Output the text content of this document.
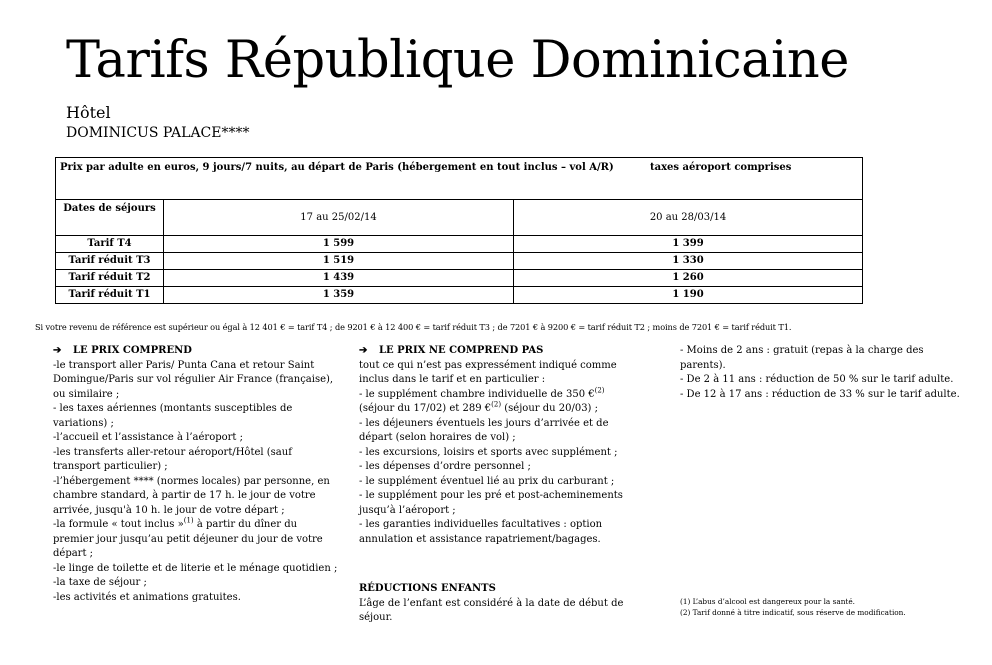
Tarifs République Dominicaine
Hôtel
DOMINICUS PALACE****
Prix par adulte en euros, 9 jours/7 nuits, au départ de Paris (hébergement en tout inclus – vol A/R) taxes aéroport comprises		
Dates de séjours	17 au 25/02/14	20 au 28/03/14
Tarif T4	1 599	1 399
Tarif réduit T3	1 519	1 330
Tarif réduit T2	1 439	1 260
Tarif réduit T1	1 359	1 190
Si votre revenu de référence est supérieur ou égal à 12 401 € = tarif T4 ; de 9201 € à 12 400 € = tarif réduit T3 ; de 7201 € à 9200 € = tarif réduit T2 ; moins de 7201 € = tarif réduit T1.
➔ LE PRIX COMPREND
-le transport aller Paris/ Punta Cana et retour Saint
Domingue/Paris sur vol régulier Air France (française),
ou similaire ;
- les taxes aériennes (montants susceptibles de
variations) ;
-l’accueil et l’assistance à l’aéroport ;
-les transferts aller-retour aéroport/Hôtel (sauf
transport particulier) ;
-l’hébergement **** (normes locales) par personne, en
chambre standard, à partir de 17 h. le jour de votre
arrivée, jusqu'à 10 h. le jour de votre départ ;
-la formule « tout inclus »$^{(1)}$ à partir du dîner du
premier jour jusqu’au petit déjeuner du jour de votre
départ ;
-le linge de toilette et de literie et le ménage quotidien ;
-la taxe de séjour ;
-les activités et animations gratuites.
➔ LE PRIX NE COMPREND PAS
tout ce qui n’est pas expressément indiqué comme
inclus dans le tarif et en particulier :
- le supplément chambre individuelle de 350 €$^{(2)}$
(séjour du 17/02) et 289 €$^{(2)}$ (séjour du 20/03) ;
- les déjeuners éventuels les jours d’arrivée et de
départ (selon horaires de vol) ;
- les excursions, loisirs et sports avec supplément ;
- les dépenses d’ordre personnel ;
- le supplément éventuel lié au prix du carburant ;
- le supplément pour les pré et post-acheminements
jusqu’à l’aéroport ;
- les garanties individuelles facultatives : option
annulation et assistance rapatriement/bagages.
RÉDUCTIONS ENFANTS
L’âge de l’enfant est considéré à la date de début de
séjour.
- Moins de 2 ans : gratuit (repas à la charge des
parents).
- De 2 à 11 ans : réduction de 50 % sur le tarif adulte.
- De 12 à 17 ans : réduction de 33 % sur le tarif adulte.
(1) L’abus d’alcool est dangereux pour la santé.
(2) Tarif donné à titre indicatif, sous réserve de modification.
